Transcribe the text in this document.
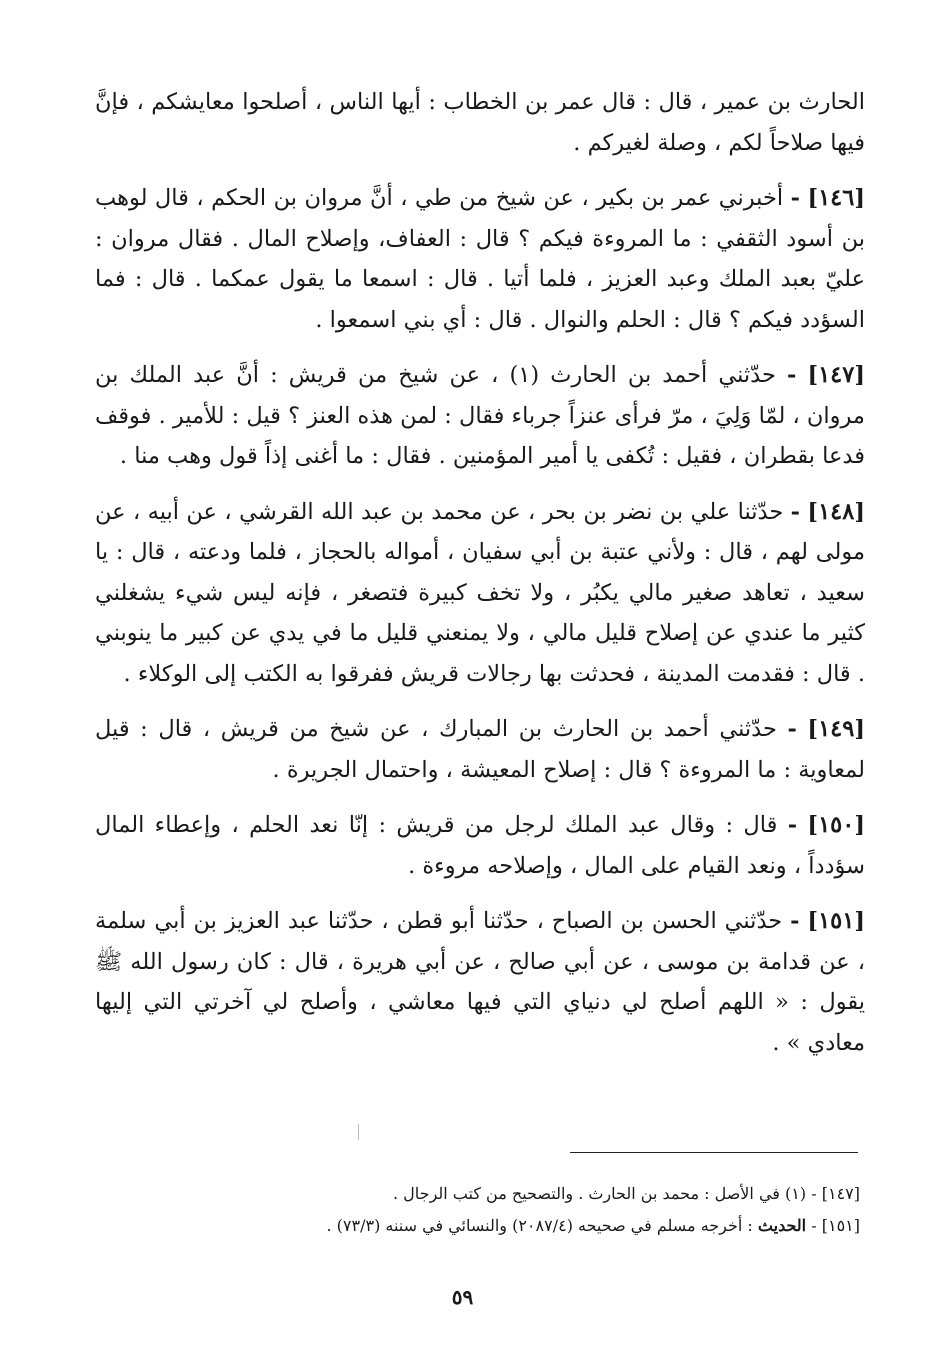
الحارث بن عمير ، قال : قال عمر بن الخطاب : أيها الناس ، أصلحوا معايشكم ، فإنَّ فيها صلاحاً لكم ، وصلة لغيركم .

[١٤٦] - أخبرني عمر بن بكير ، عن شيخ من طي ، أنَّ مروان بن الحكم ، قال لوهب بن أسود الثقفي : ما المروءة فيكم ؟ قال : العفاف، وإصلاح المال . فقال مروان : عليّ بعبد الملك وعبد العزيز ، فلما أتيا . قال : اسمعا ما يقول عمكما . قال : فما السؤدد فيكم ؟ قال : الحلم والنوال . قال : أي بني اسمعوا .

[١٤٧] - حدّثني أحمد بن الحارث (١) ، عن شيخ من قريش : أنَّ عبد الملك بن مروان ، لمّا وَلِيَ ، مرّ فرأى عنزاً جرباء فقال : لمن هذه العنز ؟ قيل : للأمير . فوقف فدعا بقطران ، فقيل : تُكفى يا أمير المؤمنين . فقال : ما أغنى إذاً قول وهب منا .

[١٤٨] - حدّثنا علي بن نضر بن بحر ، عن محمد بن عبد الله القرشي ، عن أبيه ، عن مولى لهم ، قال : ولأني عتبة بن أبي سفيان ، أمواله بالحجاز ، فلما ودعته ، قال : يا سعيد ، تعاهد صغير مالي يكبُر ، ولا تخف كبيرة فتصغر ، فإنه ليس شيء يشغلني كثير ما عندي عن إصلاح قليل مالي ، ولا يمنعني قليل ما في يدي عن كبير ما ينوبني . قال : فقدمت المدينة ، فحدثت بها رجالات قريش ففرقوا به الكتب إلى الوكلاء .

[١٤٩] - حدّثني أحمد بن الحارث بن المبارك ، عن شيخ من قريش ، قال : قيل لمعاوية : ما المروءة ؟ قال : إصلاح المعيشة ، واحتمال الجريرة .

[١٥٠] - قال : وقال عبد الملك لرجل من قريش : إنّا نعد الحلم ، وإعطاء المال سؤدداً ، ونعد القيام على المال ، وإصلاحه مروءة .

[١٥١] - حدّثني الحسن بن الصباح ، حدّثنا أبو قطن ، حدّثنا عبد العزيز بن أبي سلمة ، عن قدامة بن موسى ، عن أبي صالح ، عن أبي هريرة ، قال : كان رسول الله ﷺ يقول : « اللهم أصلح لي دنياي التي فيها معاشي ، وأصلح لي آخرتي التي إليها معادي » .

[١٤٧] - (١) في الأصل : محمد بن الحارث . والتصحيح من كتب الرجال .

[١٥١] - الحديث : أخرجه مسلم في صحيحه (٢٠٨٧/٤) والنسائي في سننه (٧٣/٣) .

٥٩
